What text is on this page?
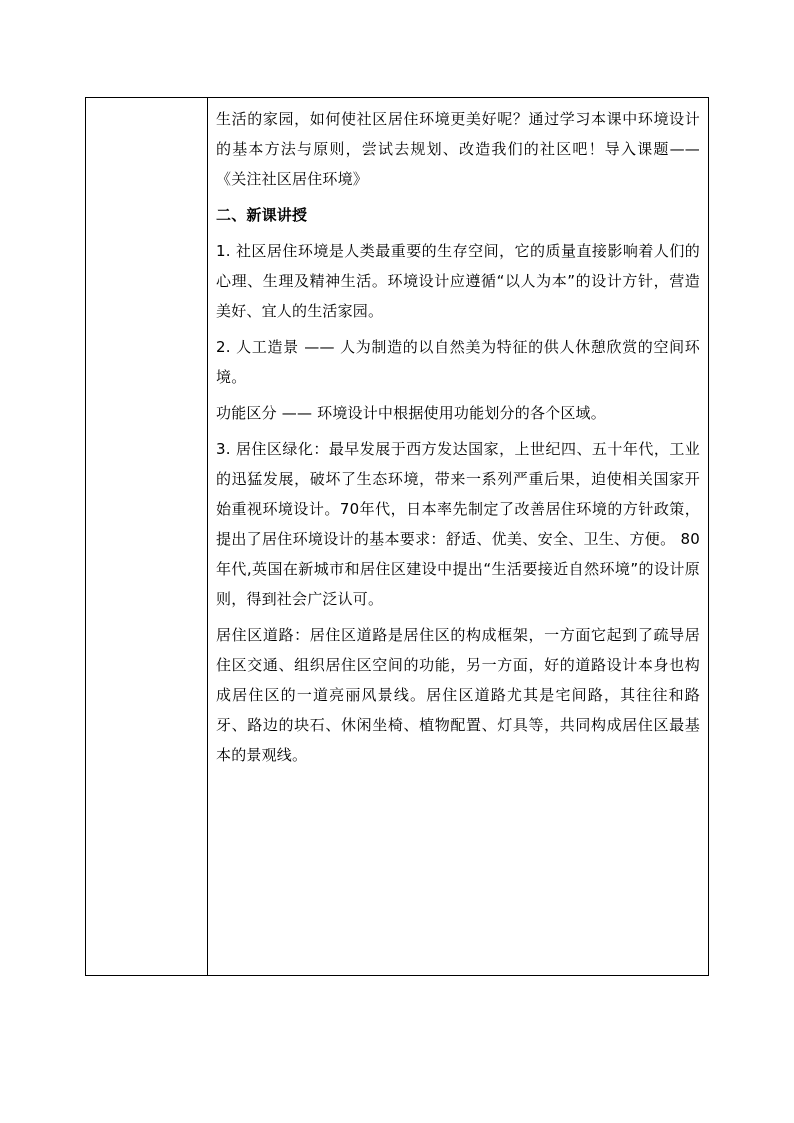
生活的家园，如何使社区居住环境更美好呢？通过学习本课中环境设计的基本方法与原则，尝试去规划、改造我们的社区吧！导入课题——《关注社区居住环境》

二、新课讲授

1. 社区居住环境是人类最重要的生存空间，它的质量直接影响着人们的心理、生理及精神生活。环境设计应遵循“以人为本”的设计方针，营造美好、宜人的生活家园。

2. 人工造景 —— 人为制造的以自然美为特征的供人休憩欣赏的空间环境。

功能区分 —— 环境设计中根据使用功能划分的各个区域。

3. 居住区绿化：最早发展于西方发达国家，上世纪四、五十年代，工业的迅猛发展，破坏了生态环境，带来一系列严重后果，迫使相关国家开始重视环境设计。70年代，日本率先制定了改善居住环境的方针政策，提出了居住环境设计的基本要求：舒适、优美、安全、卫生、方便。 80年代,英国在新城市和居住区建设中提出“生活要接近自然环境”的设计原则，得到社会广泛认可。

居住区道路：居住区道路是居住区的构成框架，一方面它起到了疏导居住区交通、组织居住区空间的功能，另一方面，好的道路设计本身也构成居住区的一道亮丽风景线。居住区道路尤其是宅间路，其往往和路牙、路边的块石、休闲坐椅、植物配置、灯具等，共同构成居住区最基本的景观线。
